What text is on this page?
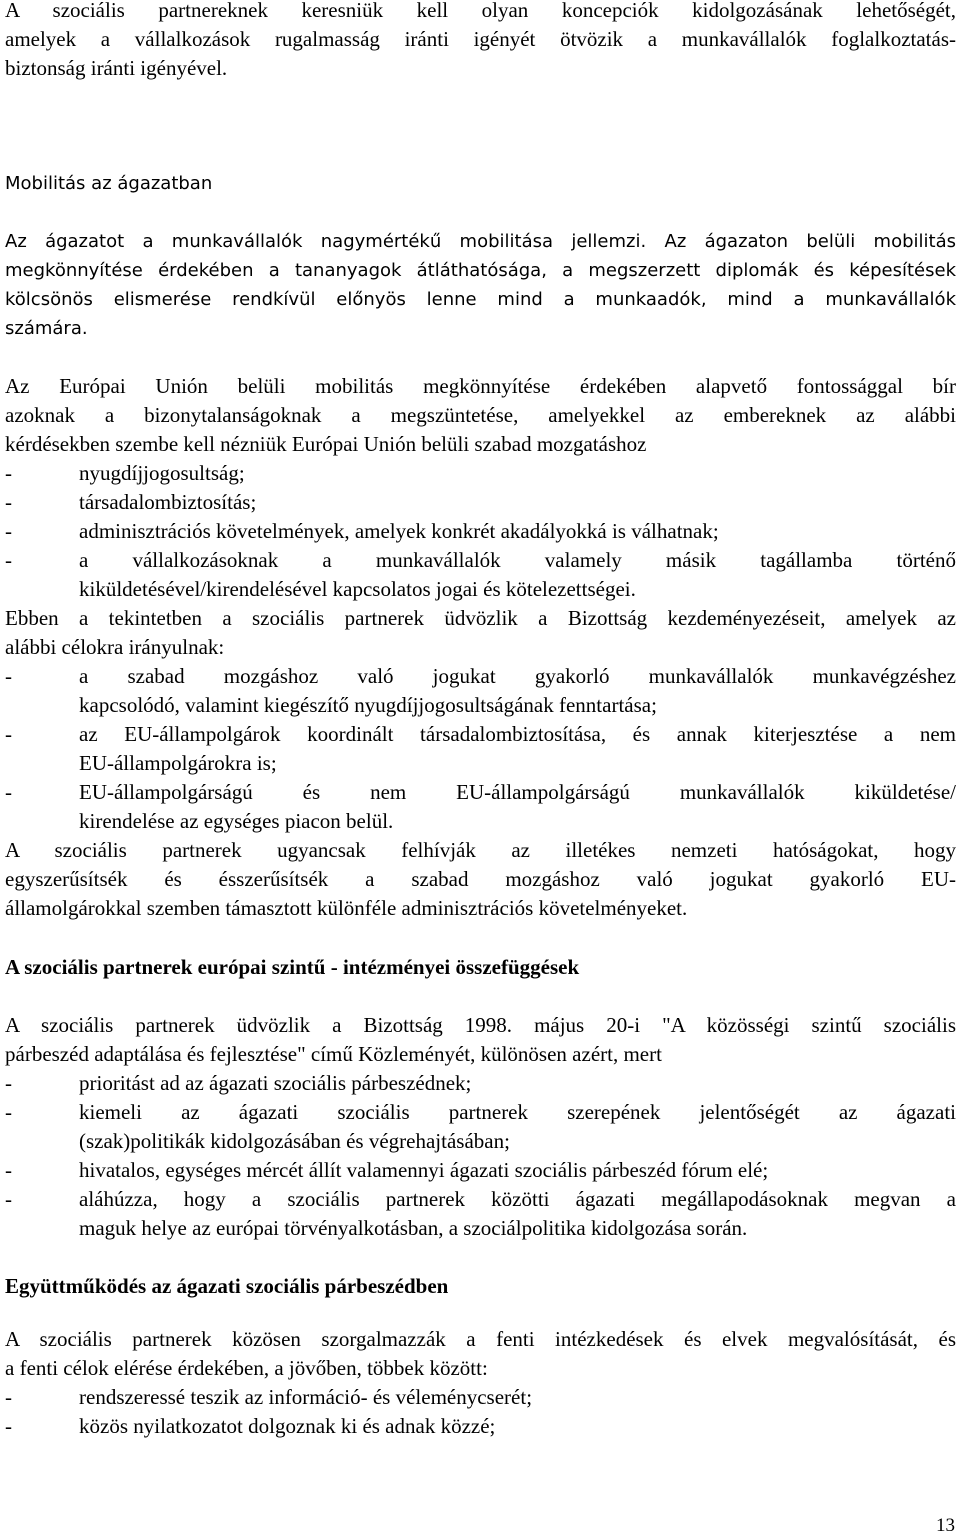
A szociális partnereknek keresniük kell olyan koncepciók kidolgozásának lehetőségét,

amelyek a vállalkozások rugalmasság iránti igényét ötvözik a munkavállalók foglalkoztatás-

biztonság iránti igényével.

Mobilitás az ágazatban

Az ágazatot a munkavállalók nagymértékű mobilitása jellemzi. Az ágazaton belüli mobilitás

megkönnyítése érdekében a tananyagok átláthatósága, a megszerzett diplomák és képesítések

kölcsönös elismerése rendkívül előnyös lenne mind a munkaadók, mind a munkavállalók

számára.

Az Európai Unión belüli mobilitás megkönnyítése érdekében alapvető fontossággal bír

azoknak a bizonytalanságoknak a megszüntetése, amelyekkel az embereknek az alábbi

kérdésekben szembe kell nézniük Európai Unión belüli szabad mozgatáshoz

-	nyugdíjjogosultság;
-	társadalombiztosítás;
-	adminisztrációs követelmények, amelyek konkrét akadályokká is válhatnak;
-	a vállalkozásoknak a munkavállalók valamely másik tagállamba történő
kiküldetésével/kirendelésével kapcsolatos jogai és kötelezettségei.

Ebben a tekintetben a szociális partnerek üdvözlik a Bizottság kezdeményezéseit, amelyek az

alábbi célokra irányulnak:

-	a szabad mozgáshoz való jogukat gyakorló munkavállalók munkavégzéshez
kapcsolódó, valamint kiegészítő nyugdíjjogosultságának fenntartása;
-	az EU-állampolgárok koordinált társadalombiztosítása, és annak kiterjesztése a nem
EU-állampolgárokra is;
-	EU-állampolgárságú és nem EU-állampolgárságú munkavállalók kiküldetése/
kirendelése az egységes piacon belül.

A szociális partnerek ugyancsak felhívják az illetékes nemzeti hatóságokat, hogy

egyszerűsítsék és ésszerűsítsék a szabad mozgáshoz való jogukat gyakorló EU-

államolgárokkal szemben támasztott különféle adminisztrációs követelményeket.

A szociális partnerek európai szintű - intézményei összefüggések

A szociális partnerek üdvözlik a Bizottság 1998. május 20-i "A közösségi szintű szociális

párbeszéd adaptálása és fejlesztése" című Közleményét, különösen azért, mert

-	prioritást ad az ágazati szociális párbeszédnek;
-	kiemeli az ágazati szociális partnerek szerepének jelentőségét az ágazati
(szak)politikák kidolgozásában és végrehajtásában;
-	hivatalos, egységes mércét állít valamennyi ágazati szociális párbeszéd fórum elé;
-	aláhúzza, hogy a szociális partnerek közötti ágazati megállapodásoknak megvan a
maguk helye az európai törvényalkotásban, a szociálpolitika kidolgozása során.

Együttműködés az ágazati szociális párbeszédben

A szociális partnerek közösen szorgalmazzák a fenti intézkedések és elvek megvalósítását, és

a fenti célok elérése érdekében, a jövőben, többek között:

-	rendszeressé teszik az információ- és véleménycserét;
-	közös nyilatkozatot dolgoznak ki és adnak közzé;
13
